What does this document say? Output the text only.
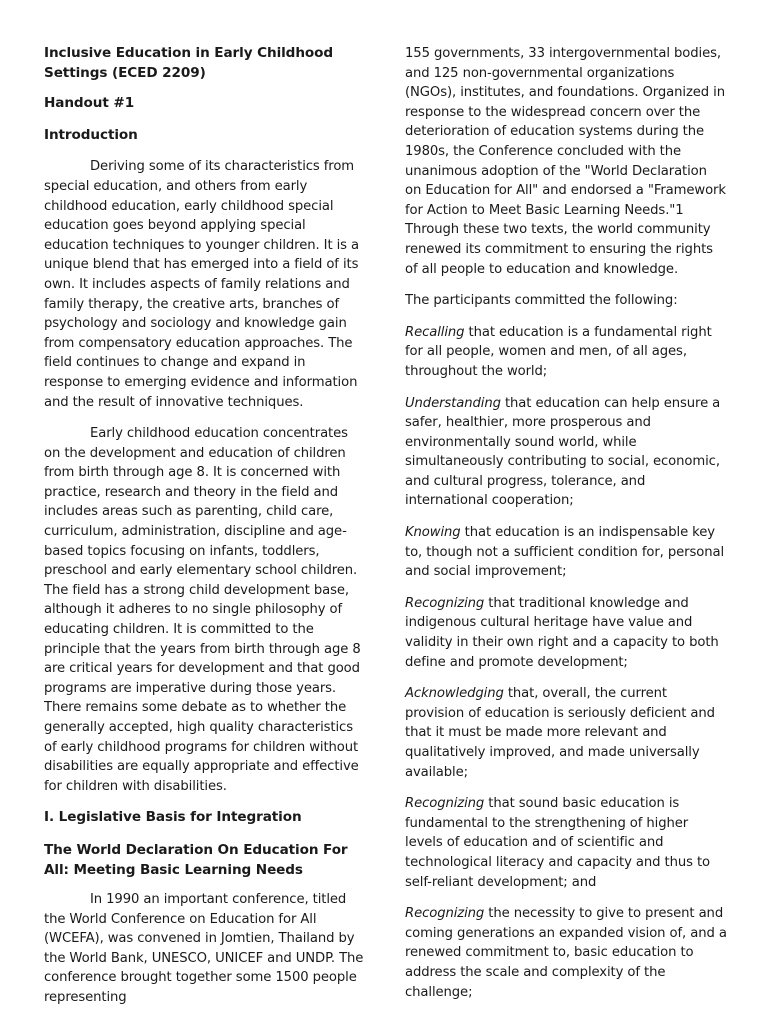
Inclusive Education in Early Childhood Settings (ECED 2209)
Handout #1
Introduction

Deriving some of its characteristics from special education, and others from early childhood education, early childhood special education goes beyond applying special education techniques to younger children. It is a unique blend that has emerged into a field of its own. It includes aspects of family relations and family therapy, the creative arts, branches of psychology and sociology and knowledge gain from compensatory education approaches. The field continues to change and expand in response to emerging evidence and information and the result of innovative techniques.

Early childhood education concentrates on the development and education of children from birth through age 8. It is concerned with practice, research and theory in the field and includes areas such as parenting, child care, curriculum, administration, discipline and age-based topics focusing on infants, toddlers, preschool and early elementary school children. The field has a strong child development base, although it adheres to no single philosophy of educating children. It is committed to the principle that the years from birth through age 8 are critical years for development and that good programs are imperative during those years. There remains some debate as to whether the generally accepted, high quality characteristics of early childhood programs for children without disabilities are equally appropriate and effective for children with disabilities.

I. Legislative Basis for Integration
The World Declaration On Education For All: Meeting Basic Learning Needs

In 1990 an important conference, titled the World Conference on Education for All (WCEFA), was convened in Jomtien, Thailand by the World Bank, UNESCO, UNICEF and UNDP. The conference brought together some 1500 people representing

155 governments, 33 intergovernmental bodies, and 125 non-governmental organizations (NGOs), institutes, and foundations. Organized in response to the widespread concern over the deterioration of education systems during the 1980s, the Conference concluded with the unanimous adoption of the "World Declaration on Education for All" and endorsed a "Framework for Action to Meet Basic Learning Needs."1 Through these two texts, the world community renewed its commitment to ensuring the rights of all people to education and knowledge.

The participants committed the following:

Recalling that education is a fundamental right for all people, women and men, of all ages, throughout the world;

Understanding that education can help ensure a safer, healthier, more prosperous and environmentally sound world, while simultaneously contributing to social, economic, and cultural progress, tolerance, and international cooperation;

Knowing that education is an indispensable key to, though not a sufficient condition for, personal and social improvement;

Recognizing that traditional knowledge and indigenous cultural heritage have value and validity in their own right and a capacity to both define and promote development;

Acknowledging that, overall, the current provision of education is seriously deficient and that it must be made more relevant and qualitatively improved, and made universally available;

Recognizing that sound basic education is fundamental to the strengthening of higher levels of education and of scientific and technological literacy and capacity and thus to self-reliant development; and

Recognizing the necessity to give to present and coming generations an expanded vision of, and a renewed commitment to, basic education to address the scale and complexity of the challenge;
